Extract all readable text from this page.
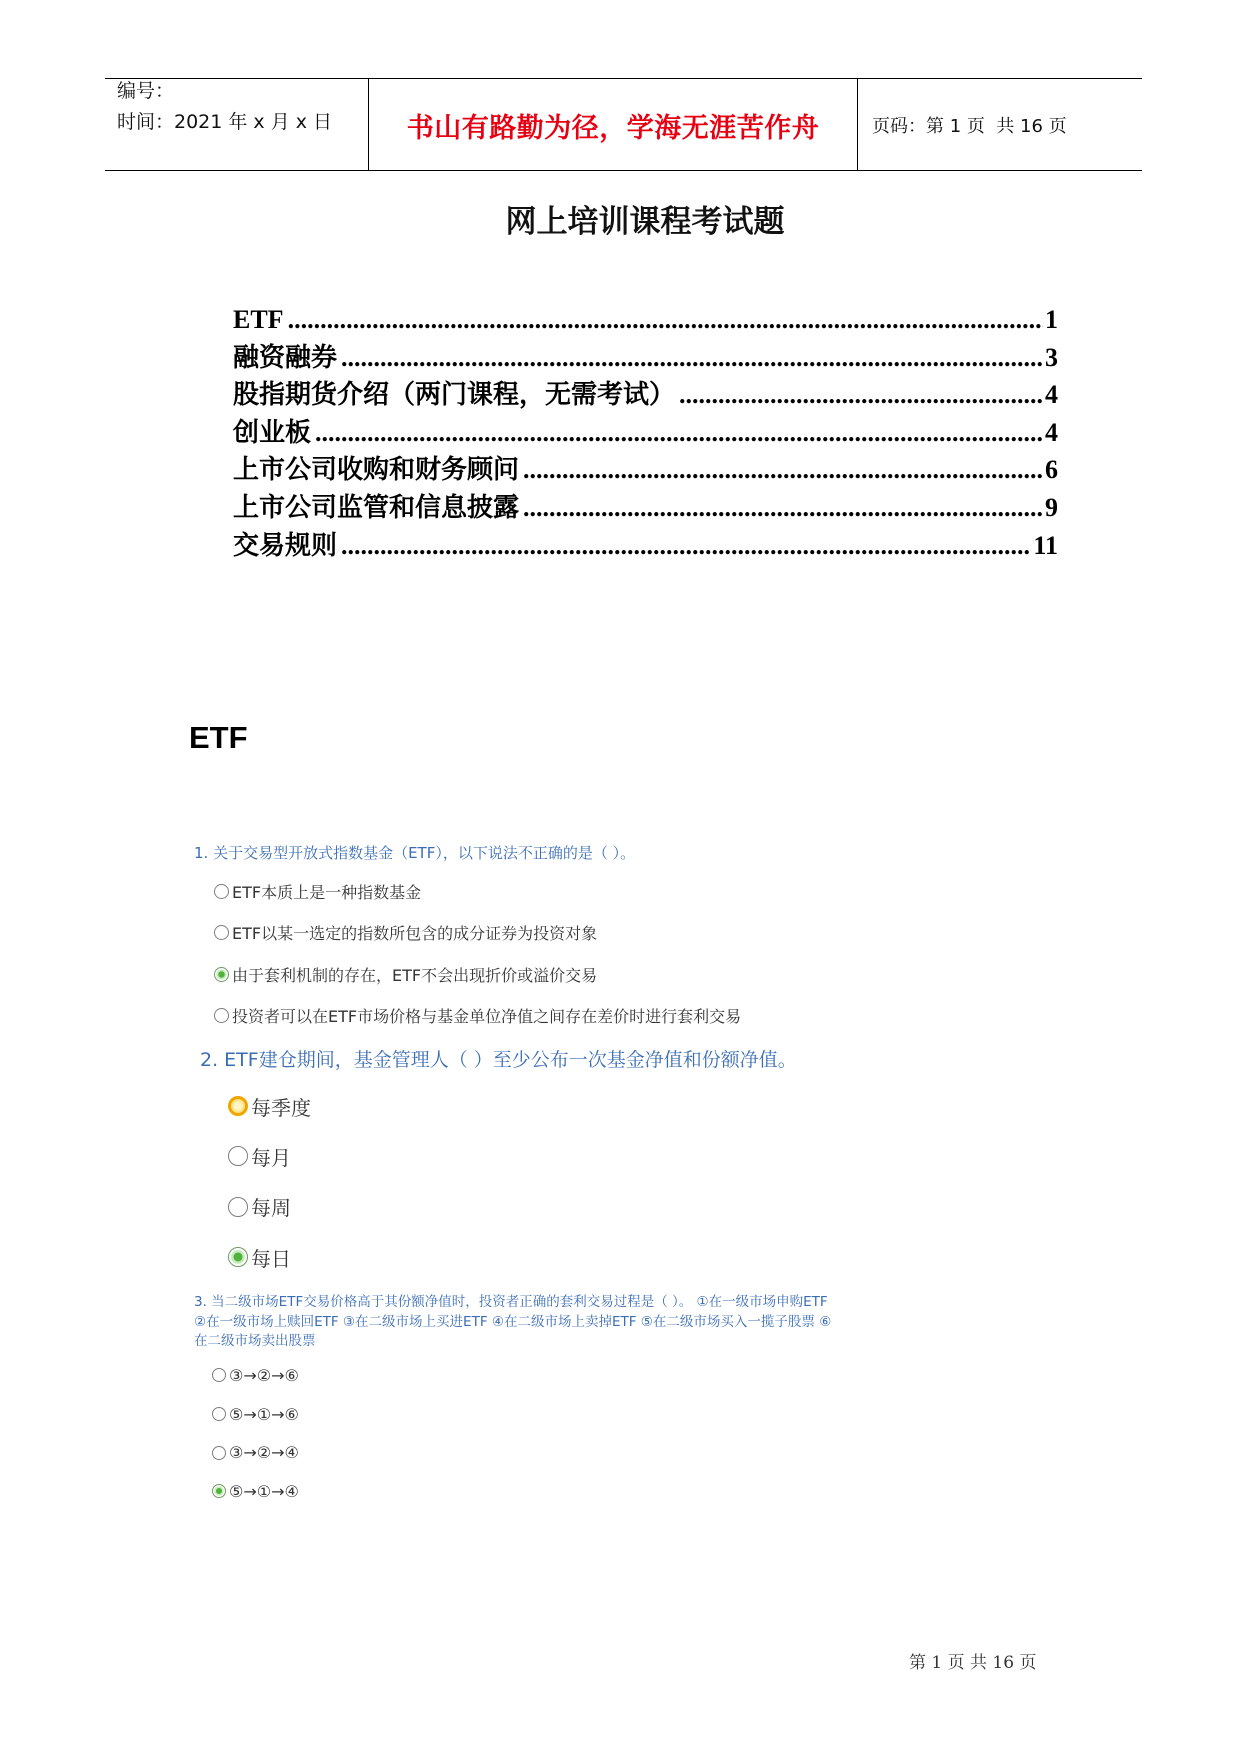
编号：
时间：2021 年 x 月 x 日	书山有路勤为径，学海无涯苦作舟	页码：第 1 页  共 16 页
网上培训课程考试题
ETF .....	1
融资融券 .....	3
股指期货介绍（两门课程，无需考试） .....	4
创业板 .....	4
上市公司收购和财务顾问 .....	6
上市公司监管和信息披露 .....	9
交易规则 .....	11
ETF
1. 关于交易型开放式指数基金（ETF），以下说法不正确的是（ ）。
ETF本质上是一种指数基金
ETF以某一选定的指数所包含的成分证券为投资对象
由于套利机制的存在，ETF不会出现折价或溢价交易
投资者可以在ETF市场价格与基金单位净值之间存在差价时进行套利交易
2. ETF建仓期间，基金管理人（ ）至少公布一次基金净值和份额净值。
每季度
每月
每周
每日
3. 当二级市场ETF交易价格高于其份额净值时，投资者正确的套利交易过程是（ ）。 ①在一级市场申购ETF
②在一级市场上赎回ETF ③在二级市场上买进ETF ④在二级市场上卖掉ETF ⑤在二级市场买入一揽子股票 ⑥
在二级市场卖出股票
③→②→⑥
⑤→①→⑥
③→②→④
⑤→①→④
第 1 页 共 16 页
